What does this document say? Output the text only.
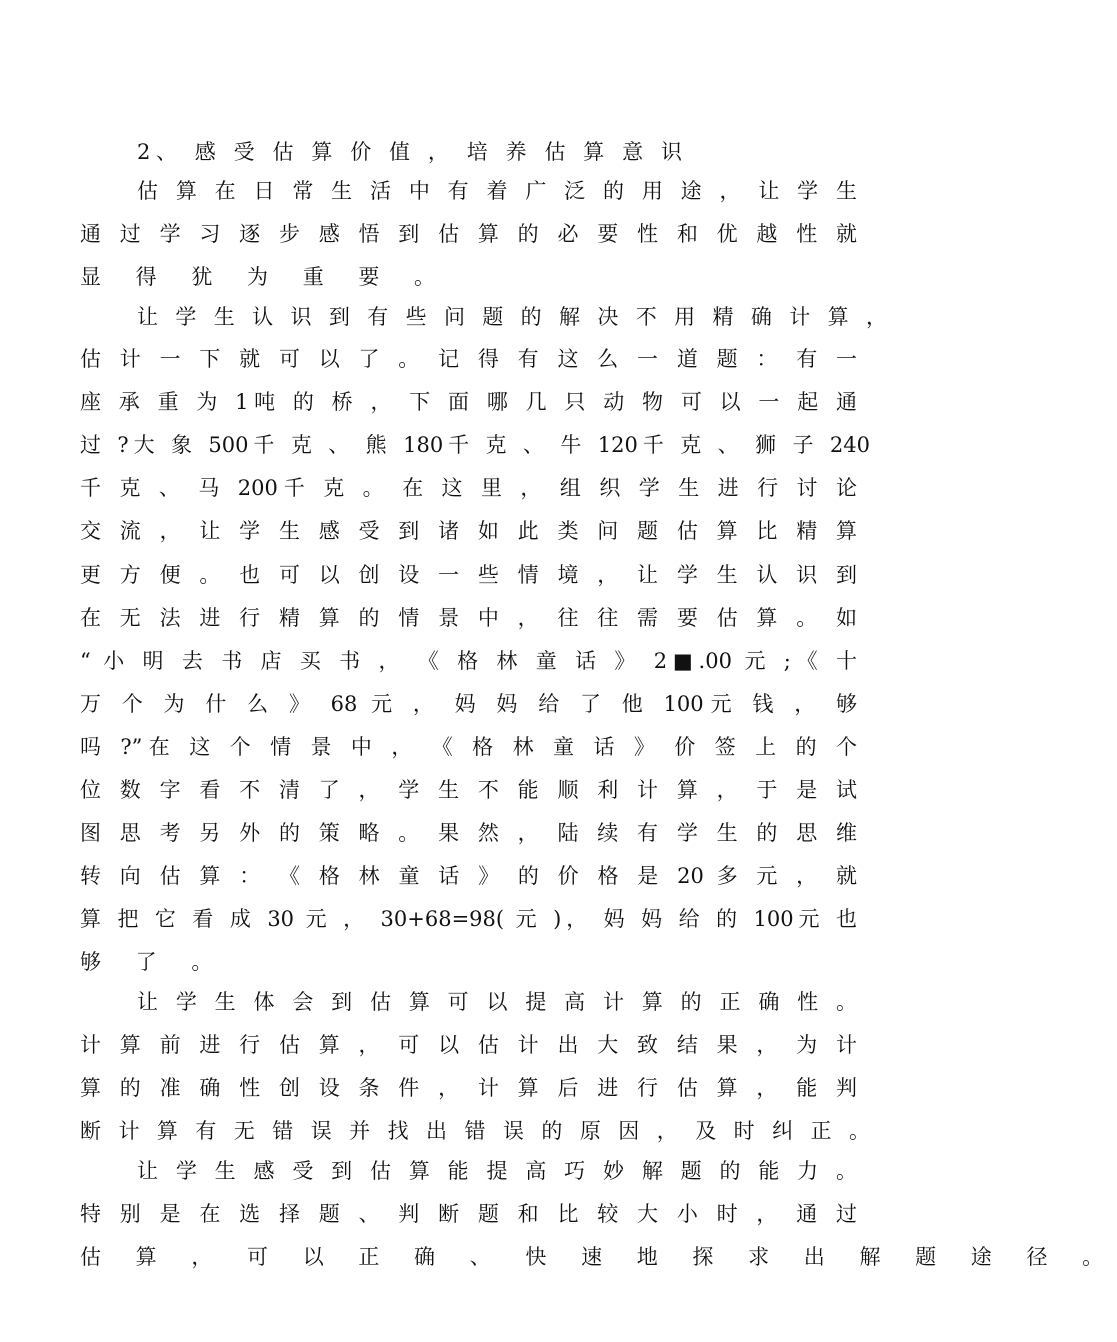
2、 感 受 估 算 价 值 ， 培 养 估 算 意 识
估 算 在 日 常 生 活 中 有 着 广 泛 的 用 途 ， 让 学 生
通 过 学 习 逐 步 感 悟 到 估 算 的 必 要 性 和 优 越 性 就
显 得 犹 为 重 要 。
让 学 生 认 识 到 有 些 问 题 的 解 决 不 用 精 确 计 算 ，
估 计 一 下 就 可 以 了 。 记 得 有 这 么 一 道 题 ： 有 一
座 承 重 为 1吨 的 桥 ， 下 面 哪 几 只 动 物 可 以 一 起 通
过 ?大 象 500千 克 、 熊 180千 克 、 牛 120千 克 、 狮 子 240
千 克 、 马 200千 克 。 在 这 里 ， 组 织 学 生 进 行 讨 论
交 流 ， 让 学 生 感 受 到 诸 如 此 类 问 题 估 算 比 精 算
更 方 便 。 也 可 以 创 设 一 些 情 境 ， 让 学 生 认 识 到
在 无 法 进 行 精 算 的 情 景 中 ， 往 往 需 要 估 算 。 如
“ 小 明 去 书 店 买 书 ， 《 格 林 童 话 》 2■.00 元 ;《 十
万 个 为 什 么 》 68 元 ， 妈 妈 给 了 他 100元 钱 ， 够
吗 ?”在 这 个 情 景 中 ， 《 格 林 童 话 》 价 签 上 的 个
位 数 字 看 不 清 了 ， 学 生 不 能 顺 利 计 算 ， 于 是 试
图 思 考 另 外 的 策 略 。 果 然 ， 陆 续 有 学 生 的 思 维
转 向 估 算 ： 《 格 林 童 话 》 的 价 格 是 20 多 元 ， 就
算 把 它 看 成 30 元 ， 30+68=98( 元 )， 妈 妈 给 的 100元 也
够 了 。
让 学 生 体 会 到 估 算 可 以 提 高 计 算 的 正 确 性 。
计 算 前 进 行 估 算 ， 可 以 估 计 出 大 致 结 果 ， 为 计
算 的 准 确 性 创 设 条 件 ， 计 算 后 进 行 估 算 ， 能 判
断 计 算 有 无 错 误 并 找 出 错 误 的 原 因 ， 及 时 纠 正 。
让 学 生 感 受 到 估 算 能 提 高 巧 妙 解 题 的 能 力 。
特 别 是 在 选 择 题 、 判 断 题 和 比 较 大 小 时 ， 通 过
估 算 ， 可 以 正 确 、 快 速 地 探 求 出 解 题 途 径 。
